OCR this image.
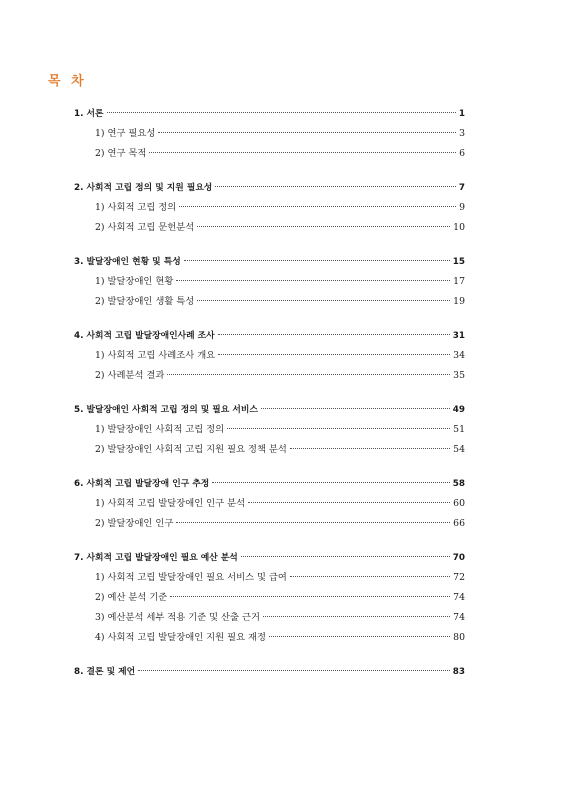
목 차
1. 서론	1
1) 연구 필요성	3
2) 연구 목적	6
2. 사회적 고립 정의 및 지원 필요성	7
1) 사회적 고립 정의	9
2) 사회적 고립 문헌분석	10
3. 발달장애인 현황 및 특성	15
1) 발달장애인 현황	17
2) 발달장애인 생활 특성	19
4. 사회적 고립 발달장애인사례 조사	31
1) 사회적 고립 사례조사 개요	34
2) 사례분석 결과	35
5. 발달장애인 사회적 고립 정의 및 필요 서비스	49
1) 발달장애인 사회적 고립 정의	51
2) 발달장애인 사회적 고립 지원 필요 정책 분석	54
6. 사회적 고립 발달장애 인구 추정	58
1) 사회적 고립 발달장애인 인구 분석	60
2) 발달장애인 인구	66
7. 사회적 고립 발달장애인 필요 예산 분석	70
1) 사회적 고립 발달장애인 필요 서비스 및 급여	72
2) 예산 분석 기준	74
3) 예산분석 세부 적용 기준 및 산출 근거	74
4) 사회적 고립 발달장애인 지원 필요 재정	80
8. 결론 및 제언	83
